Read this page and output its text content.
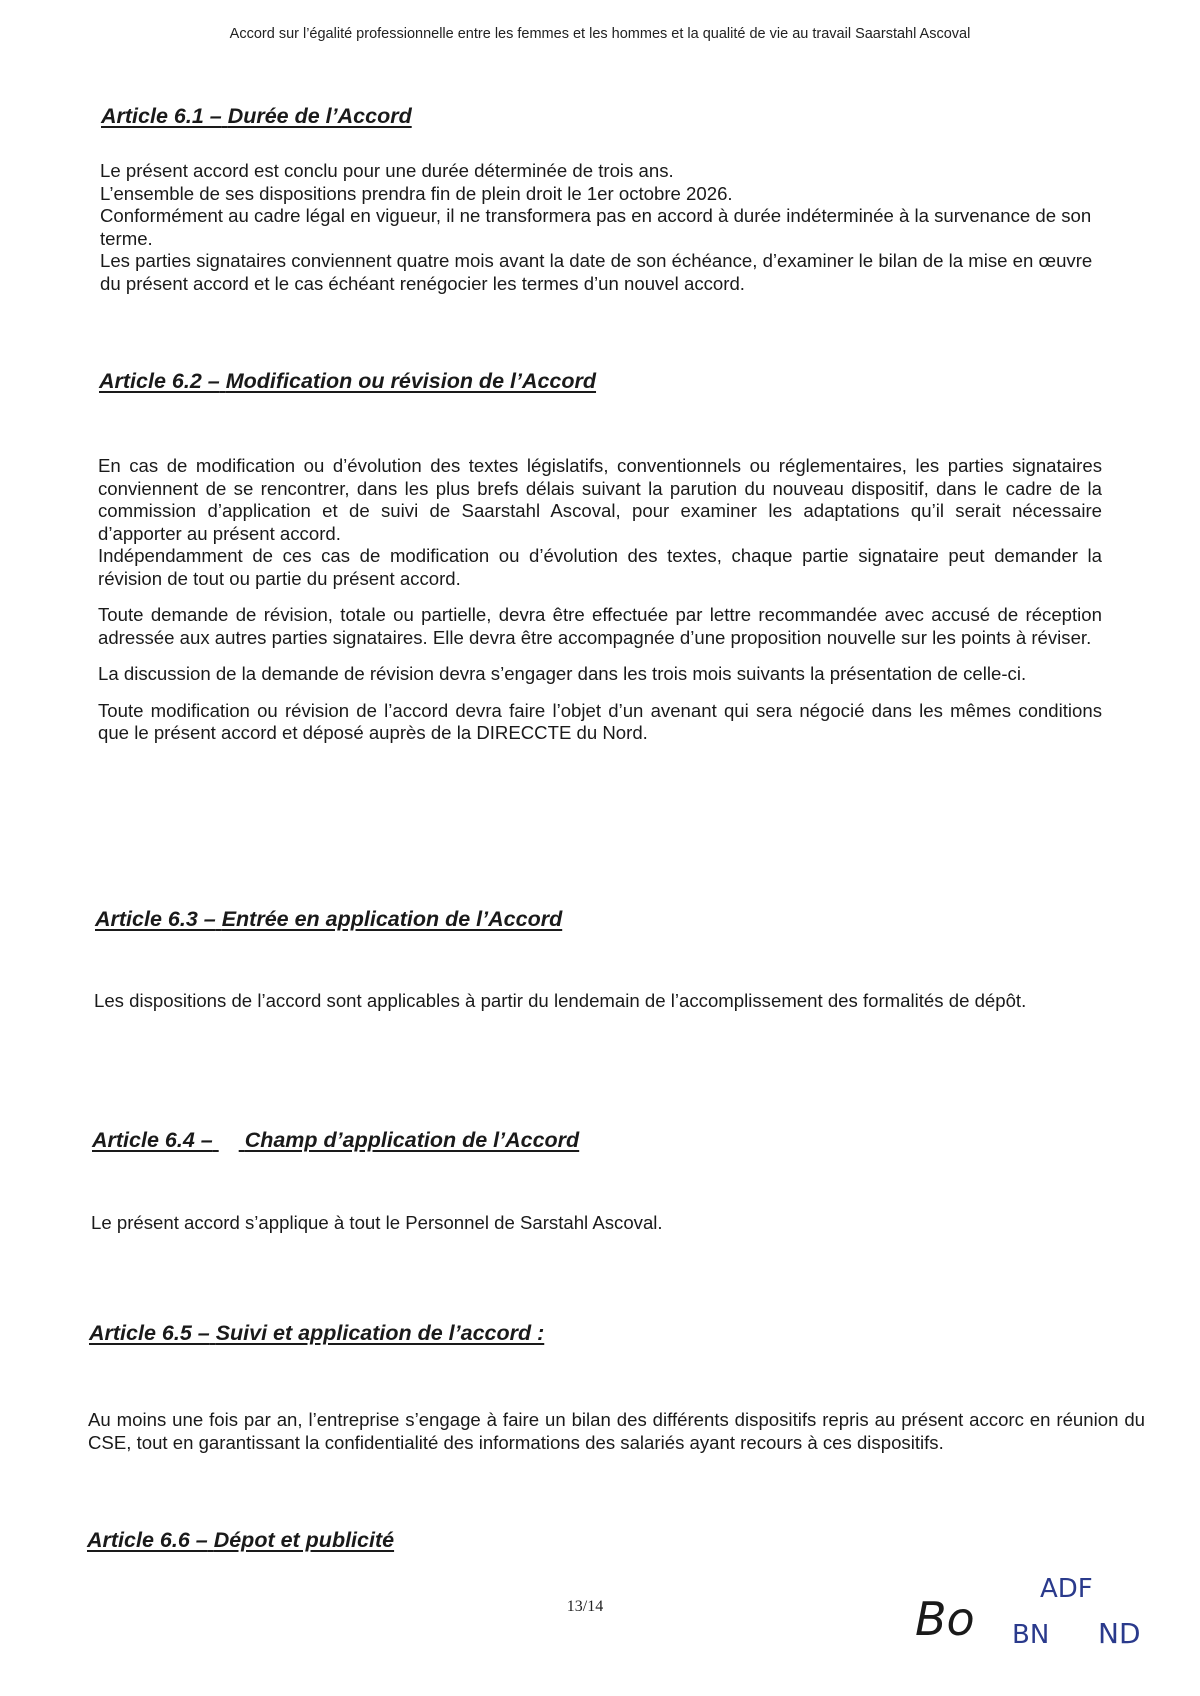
Accord sur l’égalité professionnelle entre les femmes et les hommes et la qualité de vie au travail Saarstahl Ascoval
Article 6.1 – Durée de l’Accord

Le présent accord est conclu pour une durée déterminée de trois ans.

L’ensemble de ses dispositions prendra fin de plein droit le 1er octobre 2026.

Conformément au cadre légal en vigueur, il ne transformera pas en accord à durée indéterminée à la survenance de son terme.

Les parties signataires conviennent quatre mois avant la date de son échéance, d’examiner le bilan de la mise en œuvre du présent accord et le cas échéant renégocier les termes d’un nouvel accord.

Article 6.2 – Modification ou révision de l’Accord

En cas de modification ou d’évolution des textes législatifs, conventionnels ou réglementaires, les parties signataires conviennent de se rencontrer, dans les plus brefs délais suivant la parution du nouveau dispositif, dans le cadre de la commission d’application et de suivi de Saarstahl Ascoval, pour examiner les adaptations qu’il serait nécessaire d’apporter au présent accord.

Indépendamment de ces cas de modification ou d’évolution des textes, chaque partie signataire peut demander la révision de tout ou partie du présent accord.

Toute demande de révision, totale ou partielle, devra être effectuée par lettre recommandée avec accusé de réception adressée aux autres parties signataires. Elle devra être accompagnée d’une proposition nouvelle sur les points à réviser.

La discussion de la demande de révision devra s’engager dans les trois mois suivants la présentation de celle-ci.

Toute modification ou révision de l’accord devra faire l’objet d’un avenant qui sera négocié dans les mêmes conditions que le présent accord et déposé auprès de la DIRECCTE du Nord.

Article 6.3 – Entrée en application de l’Accord

Les dispositions de l’accord sont applicables à partir du lendemain de l’accomplissement des formalités de dépôt.

Article 6.4 – Champ d’application de l’Accord

Le présent accord s’applique à tout le Personnel de Sarstahl Ascoval.

Article 6.5 – Suivi et application de l’accord :

Au moins une fois par an, l’entreprise s’engage à faire un bilan des différents dispositifs repris au présent accorc en réunion du CSE, tout en garantissant la confidentialité des informations des salariés ayant recours à ces dispositifs.

Article 6.6 – Dépot et publicité
13/14	Bo
ADF
BN ND
